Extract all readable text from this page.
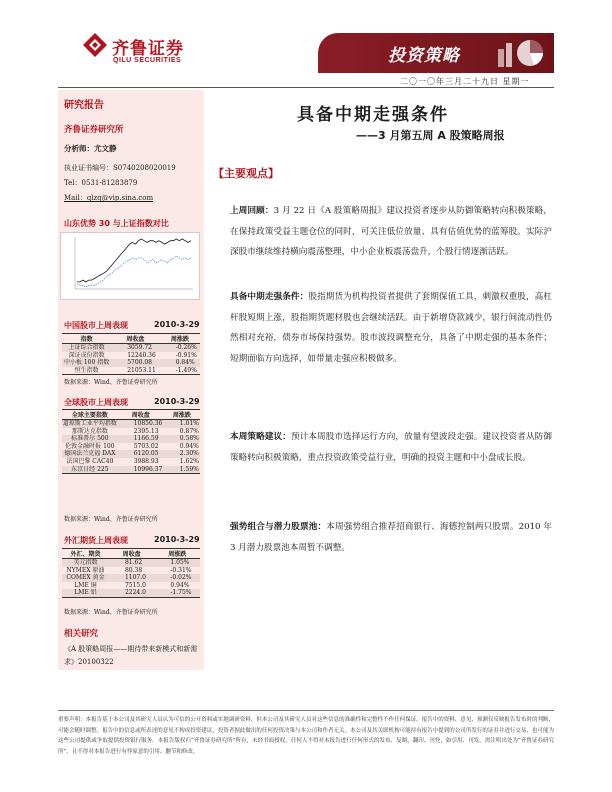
齐鲁证券
QILU SECURITIES	投资策略
二〇一〇年三月二十九日 星期一
研究报告
齐鲁证券研究所
分析师：尤文静
执业证书编号：S0740208020019
Tel：0531-81283879
Mail：qlzq@vip.sina.com
山东优势 30 与上证指数对比
中国股市上周表现	2010-3-29
指数	周收盘	周涨跌
上证综合指数	3059.72	-0.26%
深证成份指数	12240.36	-0.91%
中小板 100 指数	5700.08	0.84%
恒生指数	21053.11	-1.49%
数据来源：Wind、齐鲁证券研究所
全球股市上周表现	2010-3-29
全球主要指数	周收盘	周涨跌
道琼斯工业平均指数	10850.36	1.01%
那斯达克指数	2395.13	0.87%
标准普尔 500	1166.59	0.58%
伦敦金融时报 100	5703.02	0.94%
德国法兰克福 DAX	6120.05	2.30%
法国巴黎 CAC40	3988.93	1.62%
东京日经 225	10996.37	1.59%
数据来源：Wind、齐鲁证券研究所
外汇期货上周表现	2010-3-29
外汇、期货	周收盘	周涨跌
美元指数	81.62	1.05%
NYMEX 原油	80.38	-0.31%
COMEX 黄金	1107.0	-0.02%
LME 铜	7515.0	0.94%
LME 铝	2224.0	-1.75%
数据来源：Wind、齐鲁证券研究所
相关研究
《A 股策略周报——期待带来新模式和新需求》20100322
具备中期走强条件
——3 月第五周 A 股策略周报
【主要观点】
上周回顾：3 月 22 日《A 股策略周报》建议投资者逐步从防御策略转向积极策略，在保持政策受益主题仓位的同时，可关注低位放量、具有估值优势的蓝筹股。实际沪深股市继续维持横向震荡整理，中小企业板震荡盘升，个股行情逐渐活跃。
具备中期走强条件：股指期货为机构投资者提供了套期保值工具，刺激权重股，高杠杆股短期上涨，股指期货题材股也会继续活跃。由于新增贷款减少，银行间流动性仍然相对充裕，债券市场保持强势。股市波段调整充分，具备了中期走强的基本条件；短期面临方向选择，如带量走强应积极做多。
本周策略建议：预计本周股市选择运行方向，放量有望波段走强。建议投资者从防御策略转向积极策略，重点投资政策受益行业，明确的投资主题和中小盘成长股。
强势组合与潜力股票池：本周强势组合推荐招商银行、海德控制两只股票。2010 年 3 月潜力股票池本周暂不调整。
重要声明：本报告基于本公司及其研究人员认为可信的公开资料或实地调研资料，但本公司及其研究人员对这些信息的准确性和完整性不作任何保证。报告中的资料、意见、预测仅反映报告发布时的判断，可能会随时调整。报告中的信息或所表述的意见不构成投资建议，投资者据此做出的任何投资决策与本公司和作者无关。本公司及其关联机构可能持有报告中提到的公司所发行的证券并进行交易，也可能为这些公司提供或争取提供投资银行服务。本报告版权归“齐鲁证券研究所”所有，未经书面授权，任何人不得对本报告进行任何形式的发布、复制、翻印、刊登，如引用、刊发，需注明出处为“齐鲁证券研究所”，且不得对本报告进行有悖原意的引用、删节和修改。
